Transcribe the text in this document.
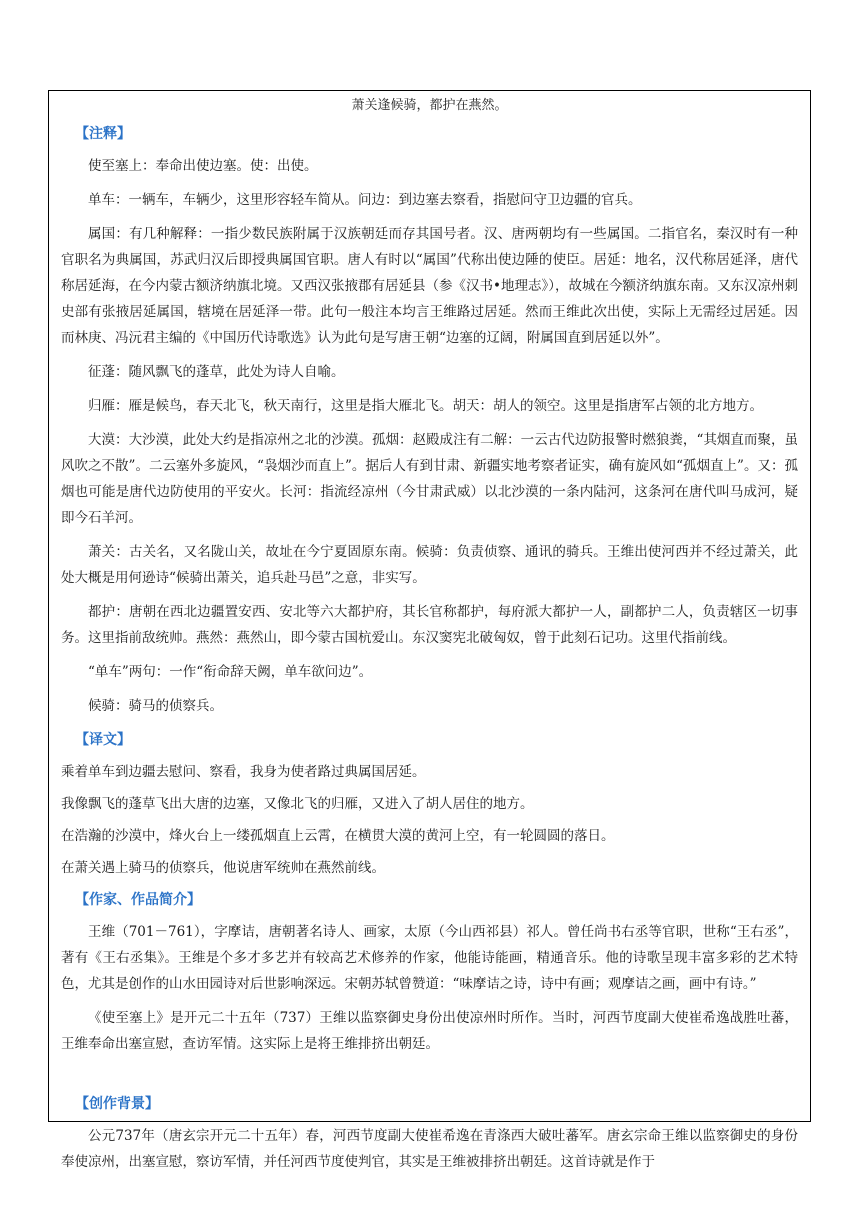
萧关逢候骑，都护在燕然。

【注释】

使至塞上：奉命出使边塞。使：出使。

单车：一辆车，车辆少，这里形容轻车简从。问边：到边塞去察看，指慰问守卫边疆的官兵。

属国：有几种解释：一指少数民族附属于汉族朝廷而存其国号者。汉、唐两朝均有一些属国。二指官名，秦汉时有一种官职名为典属国，苏武归汉后即授典属国官职。唐人有时以“属国”代称出使边陲的使臣。居延：地名，汉代称居延泽，唐代称居延海，在今内蒙古额济纳旗北境。又西汉张掖郡有居延县（参《汉书•地理志》），故城在今额济纳旗东南。又东汉凉州刺史部有张掖居延属国，辖境在居延泽一带。此句一般注本均言王维路过居延。然而王维此次出使，实际上无需经过居延。因而林庚、冯沅君主编的《中国历代诗歌选》认为此句是写唐王朝“边塞的辽阔，附属国直到居延以外”。

征蓬：随风飘飞的蓬草，此处为诗人自喻。

归雁：雁是候鸟，春天北飞，秋天南行，这里是指大雁北飞。胡天：胡人的领空。这里是指唐军占领的北方地方。

大漠：大沙漠，此处大约是指凉州之北的沙漠。孤烟：赵殿成注有二解：一云古代边防报警时燃狼粪，“其烟直而聚，虽风吹之不散”。二云塞外多旋风，“袅烟沙而直上”。据后人有到甘肃、新疆实地考察者证实，确有旋风如“孤烟直上”。又：孤烟也可能是唐代边防使用的平安火。长河：指流经凉州（今甘肃武威）以北沙漠的一条内陆河，这条河在唐代叫马成河，疑即今石羊河。

萧关：古关名，又名陇山关，故址在今宁夏固原东南。候骑：负责侦察、通讯的骑兵。王维出使河西并不经过萧关，此处大概是用何逊诗“候骑出萧关，追兵赴马邑”之意，非实写。

都护：唐朝在西北边疆置安西、安北等六大都护府，其长官称都护，每府派大都护一人，副都护二人，负责辖区一切事务。这里指前敌统帅。燕然：燕然山，即今蒙古国杭爱山。东汉窦宪北破匈奴，曾于此刻石记功。这里代指前线。

“单车”两句：一作“衔命辞天阙，单车欲问边”。

候骑：骑马的侦察兵。

【译文】

乘着单车到边疆去慰问、察看，我身为使者路过典属国居延。

我像飘飞的蓬草飞出大唐的边塞，又像北飞的归雁，又进入了胡人居住的地方。

在浩瀚的沙漠中，烽火台上一缕孤烟直上云霄，在横贯大漠的黄河上空，有一轮圆圆的落日。

在萧关遇上骑马的侦察兵，他说唐军统帅在燕然前线。

【作家、作品简介】

王维（701－761），字摩诘，唐朝著名诗人、画家，太原（今山西祁县）祁人。曾任尚书右丞等官职，世称“王右丞”，著有《王右丞集》。王维是个多才多艺并有较高艺术修养的作家，他能诗能画，精通音乐。他的诗歌呈现丰富多彩的艺术特色，尤其是创作的山水田园诗对后世影响深远。宋朝苏轼曾赞道：“味摩诘之诗，诗中有画；观摩诘之画，画中有诗。”

《使至塞上》是开元二十五年（737）王维以监察御史身份出使凉州时所作。当时，河西节度副大使崔希逸战胜吐蕃，王维奉命出塞宣慰，查访军情。这实际上是将王维排挤出朝廷。

【创作背景】

公元737年（唐玄宗开元二十五年）春，河西节度副大使崔希逸在青涤西大破吐蕃军。唐玄宗命王维以监察御史的身份奉使凉州，出塞宣慰，察访军情，并任河西节度使判官，其实是王维被排挤出朝廷。这首诗就是作于
